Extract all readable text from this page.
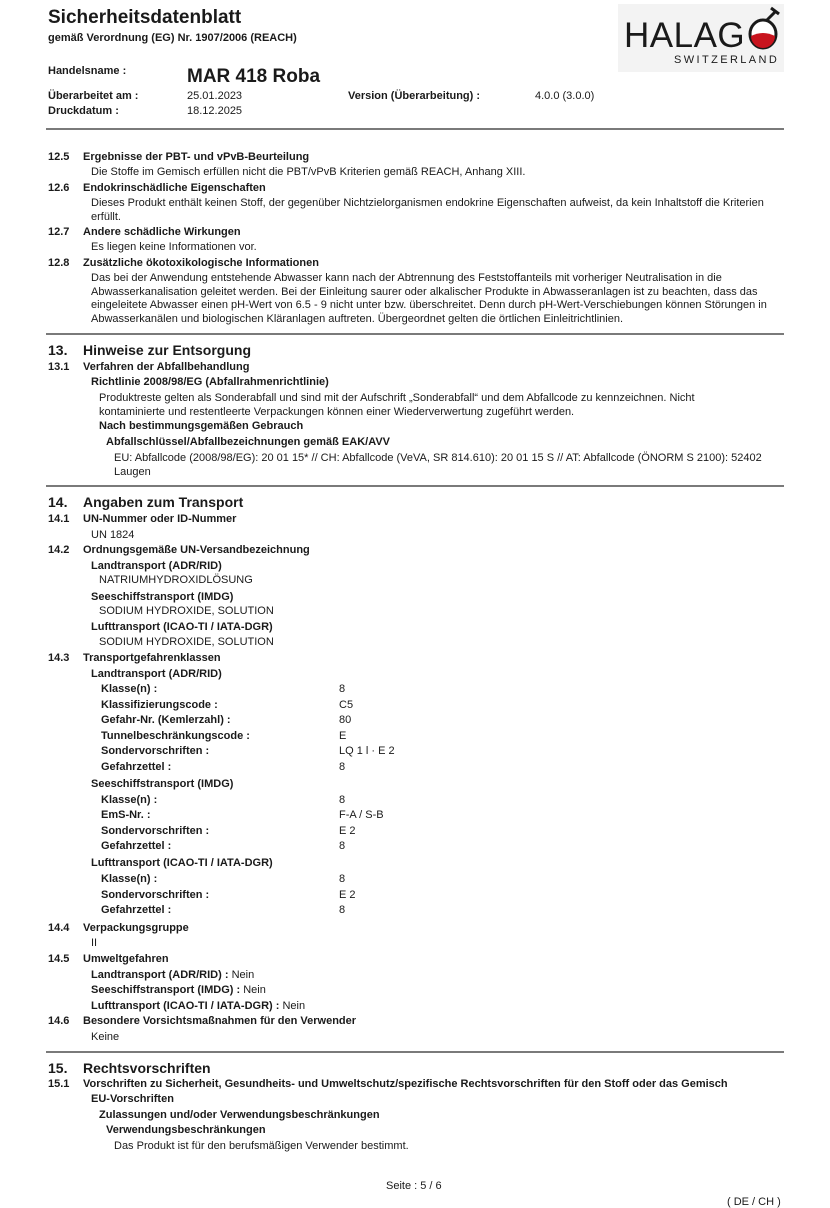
Sicherheitsdatenblatt
gemäß Verordnung (EG) Nr. 1907/2006 (REACH)	HALAG
SWITZERLAND
Handelsname :	MAR 418 Roba
Überarbeitet am :	25.01.2023	Version (Überarbeitung) :	4.0.0 (3.0.0)
Druckdatum :	18.12.2025
12.5 Ergebnisse der PBT- und vPvB-Beurteilung
Die Stoffe im Gemisch erfüllen nicht die PBT/vPvB Kriterien gemäß REACH, Anhang XIII.
12.6 Endokrinschädliche Eigenschaften
Dieses Produkt enthält keinen Stoff, der gegenüber Nichtzielorganismen endokrine Eigenschaften aufweist, da kein Inhaltstoff die Kriterien erfüllt.
12.7 Andere schädliche Wirkungen
Es liegen keine Informationen vor.
12.8 Zusätzliche ökotoxikologische Informationen
Das bei der Anwendung entstehende Abwasser kann nach der Abtrennung des Feststoffanteils mit vorheriger Neutralisation in die Abwasserkanalisation geleitet werden. Bei der Einleitung saurer oder alkalischer Produkte in Abwasseranlagen ist zu beachten, dass das eingeleitete Abwasser einen pH-Wert von 6.5 - 9 nicht unter bzw. überschreitet. Denn durch pH-Wert-Verschiebungen können Störungen in Abwasserkanälen und biologischen Kläranlagen auftreten. Übergeordnet gelten die örtlichen Einleitrichtlinien.
13. Hinweise zur Entsorgung
13.1 Verfahren der Abfallbehandlung
Richtlinie 2008/98/EG (Abfallrahmenrichtlinie)
Produktreste gelten als Sonderabfall und sind mit der Aufschrift „Sonderabfall“ und dem Abfallcode zu kennzeichnen. Nicht kontaminierte und restentleerte Verpackungen können einer Wiederverwertung zugeführt werden.
Nach bestimmungsgemäßen Gebrauch
Abfallschlüssel/Abfallbezeichnungen gemäß EAK/AVV
EU: Abfallcode (2008/98/EG): 20 01 15* // CH: Abfallcode (VeVA, SR 814.610): 20 01 15 S // AT: Abfallcode (ÖNORM S 2100): 52402 Laugen
14. Angaben zum Transport
14.1 UN-Nummer oder ID-Nummer
UN 1824
14.2 Ordnungsgemäße UN-Versandbezeichnung
Landtransport (ADR/RID)
NATRIUMHYDROXIDLÖSUNG
Seeschiffstransport (IMDG)
SODIUM HYDROXIDE, SOLUTION
Lufttransport (ICAO-TI / IATA-DGR)
SODIUM HYDROXIDE, SOLUTION
14.3 Transportgefahrenklassen
Landtransport (ADR/RID)
Klasse(n) :	8
Klassifizierungscode :	C5
Gefahr-Nr. (Kemlerzahl) :	80
Tunnelbeschränkungscode :	E
Sondervorschriften :	LQ 1 l · E 2
Gefahrzettel :	8
Seeschiffstransport (IMDG)
Klasse(n) :	8
EmS-Nr. :	F-A / S-B
Sondervorschriften :	E 2
Gefahrzettel :	8
Lufttransport (ICAO-TI / IATA-DGR)
Klasse(n) :	8
Sondervorschriften :	E 2
Gefahrzettel :	8
14.4 Verpackungsgruppe
II
14.5 Umweltgefahren
Landtransport (ADR/RID) : Nein
Seeschiffstransport (IMDG) : Nein
Lufttransport (ICAO-TI / IATA-DGR) : Nein
14.6 Besondere Vorsichtsmaßnahmen für den Verwender
Keine
15. Rechtsvorschriften
15.1 Vorschriften zu Sicherheit, Gesundheits- und Umweltschutz/spezifische Rechtsvorschriften für den Stoff oder das Gemisch
EU-Vorschriften
Zulassungen und/oder Verwendungsbeschränkungen
Verwendungsbeschränkungen
Das Produkt ist für den berufsmäßigen Verwender bestimmt.
Seite : 5 / 6
( DE / CH )
